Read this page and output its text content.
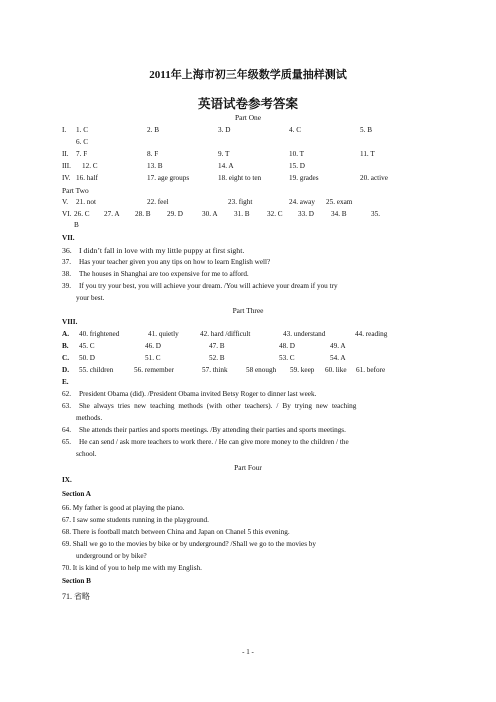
2011年上海市初三年级数学质量抽样测试
英语试卷参考答案
Part One
I. 1. C	2. B	3. D	4. C	5. B
6. C
II. 7. F	8. F	9. T	10. T	11. T
III. 12. C	13. B	14. A	15. D
IV. 16. half	17. age groups	18. eight to ten	19. grades	20. active
Part Two
V. 21. not	22. feel	23. fight	24. away 25. exam
VI. 26. C 27. A 28. B 29. D	30. A 31. B 32. C 33. D 34. B	35.
B
VII.
36. I didn’t fall in love with my little puppy at first sight.
37. Has your teacher given you any tips on how to learn English well?
38. The houses in Shanghai are too expensive for me to afford.
39. If you try your best, you will achieve your dream. /You will achieve your dream if you try
your best.
Part Three
VIII.
A. 40. frightened	41. quietly	42. hard /difficult	43. understand	44. reading
B. 45. C	46. D	47. B	48. D	49. A
C. 50. D	51. C	52. B	53. C	54. A
D. 55. children	56. remember	57. think	58 enough 59. keep 60. like 61. before
E.
62. President Obama (did). /President Obama invited Betsy Roger to dinner last week.
63. She always tries new teaching methods (with other teachers). / By trying new teaching
methods.
64. She attends their parties and sports meetings. /By attending their parties and sports meetings.
65. He can send / ask more teachers to work there. / He can give more money to the children / the
school.
Part Four
IX.
Section A
66. My father is good at playing the piano.
67. I saw some students running in the playground.
68. There is football match between China and Japan on Chanel 5 this evening.
69. Shall we go to the movies by bike or by underground? /Shall we go to the movies by
underground or by bike?
70. It is kind of you to help me with my English.
Section B
71. 省略
- 1 -
